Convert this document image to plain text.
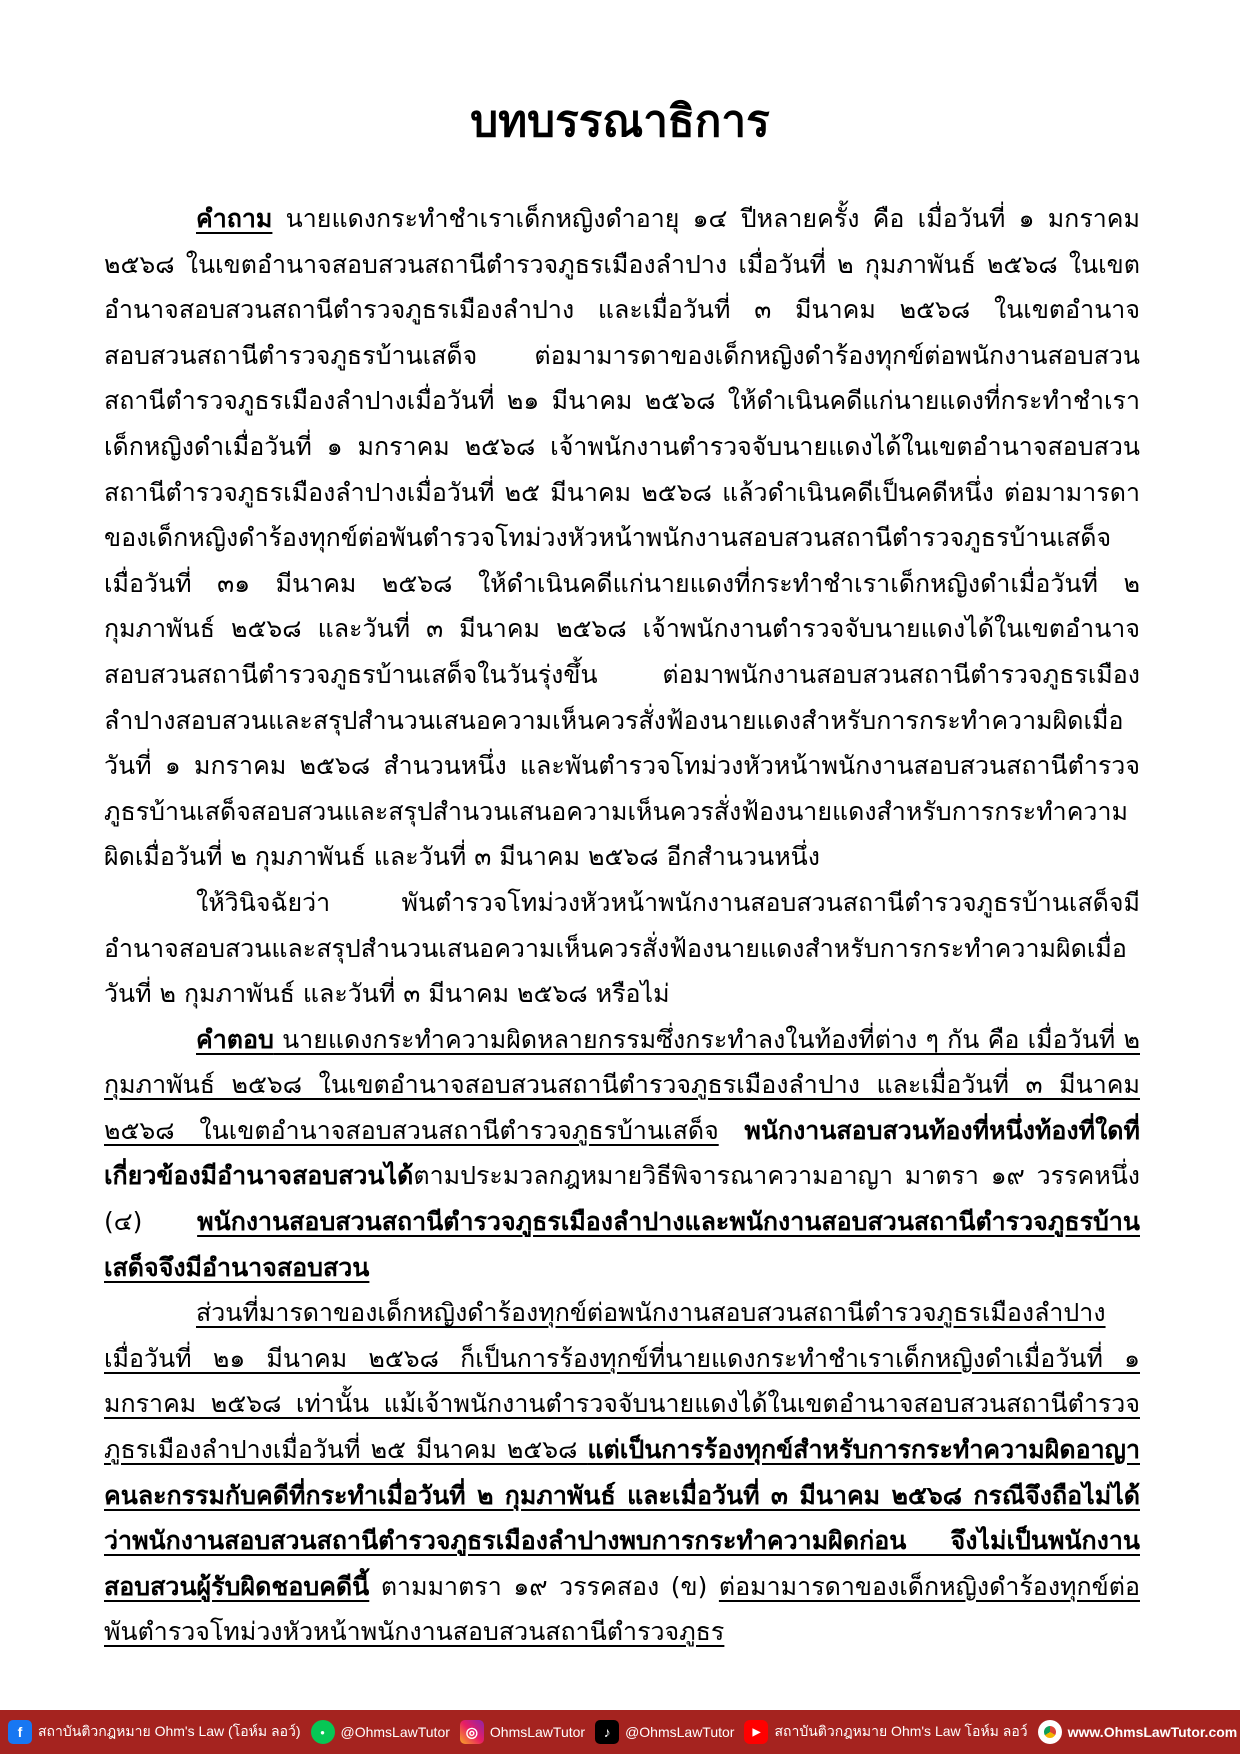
บทบรรณาธิการ

คำถาม นายแดงกระทำชำเราเด็กหญิงดำอายุ ๑๔ ปีหลายครั้ง คือ เมื่อวันที่ ๑ มกราคม ๒๕๖๘ ในเขตอำนาจสอบสวนสถานีตำรวจภูธรเมืองลำปาง เมื่อวันที่ ๒ กุมภาพันธ์ ๒๕๖๘ ในเขตอำนาจสอบสวนสถานีตำรวจภูธรเมืองลำปาง และเมื่อวันที่ ๓ มีนาคม ๒๕๖๘ ในเขตอำนาจสอบสวนสถานีตำรวจภูธรบ้านเสด็จ ต่อมามารดาของเด็กหญิงดำร้องทุกข์ต่อพนักงานสอบสวนสถานีตำรวจภูธรเมืองลำปางเมื่อวันที่ ๒๑ มีนาคม ๒๕๖๘ ให้ดำเนินคดีแก่นายแดงที่กระทำชำเราเด็กหญิงดำเมื่อวันที่ ๑ มกราคม ๒๕๖๘ เจ้าพนักงานตำรวจจับนายแดงได้ในเขตอำนาจสอบสวนสถานีตำรวจภูธรเมืองลำปางเมื่อวันที่ ๒๕ มีนาคม ๒๕๖๘ แล้วดำเนินคดีเป็นคดีหนึ่ง ต่อมามารดาของเด็กหญิงดำร้องทุกข์ต่อพันตำรวจโทม่วงหัวหน้าพนักงานสอบสวนสถานีตำรวจภูธรบ้านเสด็จเมื่อวันที่ ๓๑ มีนาคม ๒๕๖๘ ให้ดำเนินคดีแก่นายแดงที่กระทำชำเราเด็กหญิงดำเมื่อวันที่ ๒ กุมภาพันธ์ ๒๕๖๘ และวันที่ ๓ มีนาคม ๒๕๖๘ เจ้าพนักงานตำรวจจับนายแดงได้ในเขตอำนาจสอบสวนสถานีตำรวจภูธรบ้านเสด็จในวันรุ่งขึ้น ต่อมาพนักงานสอบสวนสถานีตำรวจภูธรเมืองลำปางสอบสวนและสรุปสำนวนเสนอความเห็นควรสั่งฟ้องนายแดงสำหรับการกระทำความผิดเมื่อวันที่ ๑ มกราคม ๒๕๖๘ สำนวนหนึ่ง และพันตำรวจโทม่วงหัวหน้าพนักงานสอบสวนสถานีตำรวจภูธรบ้านเสด็จสอบสวนและสรุปสำนวนเสนอความเห็นควรสั่งฟ้องนายแดงสำหรับการกระทำความผิดเมื่อวันที่ ๒ กุมภาพันธ์ และวันที่ ๓ มีนาคม ๒๕๖๘ อีกสำนวนหนึ่ง

ให้วินิจฉัยว่า พันตำรวจโทม่วงหัวหน้าพนักงานสอบสวนสถานีตำรวจภูธรบ้านเสด็จมีอำนาจสอบสวนและสรุปสำนวนเสนอความเห็นควรสั่งฟ้องนายแดงสำหรับการกระทำความผิดเมื่อวันที่ ๒ กุมภาพันธ์ และวันที่ ๓ มีนาคม ๒๕๖๘ หรือไม่

คำตอบ นายแดงกระทำความผิดหลายกรรมซึ่งกระทำลงในท้องที่ต่าง ๆ กัน คือ เมื่อวันที่ ๒ กุมภาพันธ์ ๒๕๖๘ ในเขตอำนาจสอบสวนสถานีตำรวจภูธรเมืองลำปาง และเมื่อวันที่ ๓ มีนาคม ๒๕๖๘ ในเขตอำนาจสอบสวนสถานีตำรวจภูธรบ้านเสด็จ พนักงานสอบสวนท้องที่หนึ่งท้องที่ใดที่เกี่ยวข้องมีอำนาจสอบสวนได้ตามประมวลกฎหมายวิธีพิจารณาความอาญา มาตรา ๑๙ วรรคหนึ่ง (๔) พนักงานสอบสวนสถานีตำรวจภูธรเมืองลำปางและพนักงานสอบสวนสถานีตำรวจภูธรบ้านเสด็จจึงมีอำนาจสอบสวน

ส่วนที่มารดาของเด็กหญิงดำร้องทุกข์ต่อพนักงานสอบสวนสถานีตำรวจภูธรเมืองลำปางเมื่อวันที่ ๒๑ มีนาคม ๒๕๖๘ ก็เป็นการร้องทุกข์ที่นายแดงกระทำชำเราเด็กหญิงดำเมื่อวันที่ ๑ มกราคม ๒๕๖๘ เท่านั้น แม้เจ้าพนักงานตำรวจจับนายแดงได้ในเขตอำนาจสอบสวนสถานีตำรวจภูธรเมืองลำปางเมื่อวันที่ ๒๕ มีนาคม ๒๕๖๘ แต่เป็นการร้องทุกข์สำหรับการกระทำความผิดอาญาคนละกรรมกับคดีที่กระทำเมื่อวันที่ ๒ กุมภาพันธ์ และเมื่อวันที่ ๓ มีนาคม ๒๕๖๘ กรณีจึงถือไม่ได้ว่าพนักงานสอบสวนสถานีตำรวจภูธรเมืองลำปางพบการกระทำความผิดก่อน จึงไม่เป็นพนักงานสอบสวนผู้รับผิดชอบคดีนี้ ตามมาตรา ๑๙ วรรคสอง (ข) ต่อมามารดาของเด็กหญิงดำร้องทุกข์ต่อพันตำรวจโทม่วงหัวหน้าพนักงานสอบสวนสถานีตำรวจภูธร

f	สถาบันติวกฎหมาย Ohm's Law (โอห์ม ลอว์)	●	@OhmsLawTutor	◎ OhmsLawTutor	♪	@OhmsLawTutor	▶	สถาบันติวกฎหมาย Ohm's Law โอห์ม ลอว์	www.OhmsLawTutor.com
